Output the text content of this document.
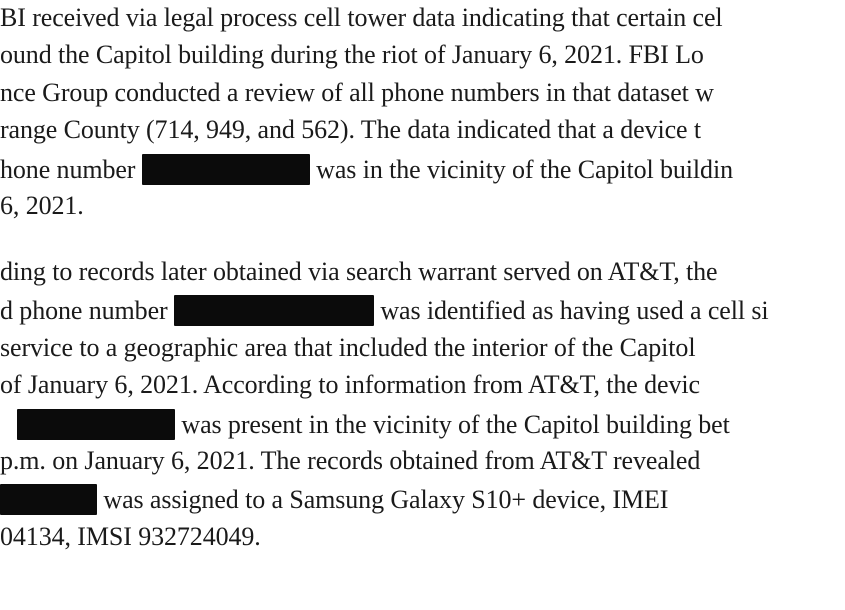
BI received via legal process cell tower data indicating that certain cel
ound the Capitol building during the riot of January 6, 2021. FBI Lo
nce Group conducted a review of all phone numbers in that dataset w
range County (714, 949, and 562). The data indicated that a device t
hone number	was in the vicinity of the Capitol buildin
6, 2021.
ding to records later obtained via search warrant served on AT&T, the
d phone number	was identified as having used a cell si
service to a geographic area that included the interior of the Capitol
of January 6, 2021. According to information from AT&T, the devic
was present in the vicinity of the Capitol building bet
p.m. on January 6, 2021. The records obtained from AT&T revealed
was assigned to a Samsung Galaxy S10+ device, IMEI
04134, IMSI 932724049.
